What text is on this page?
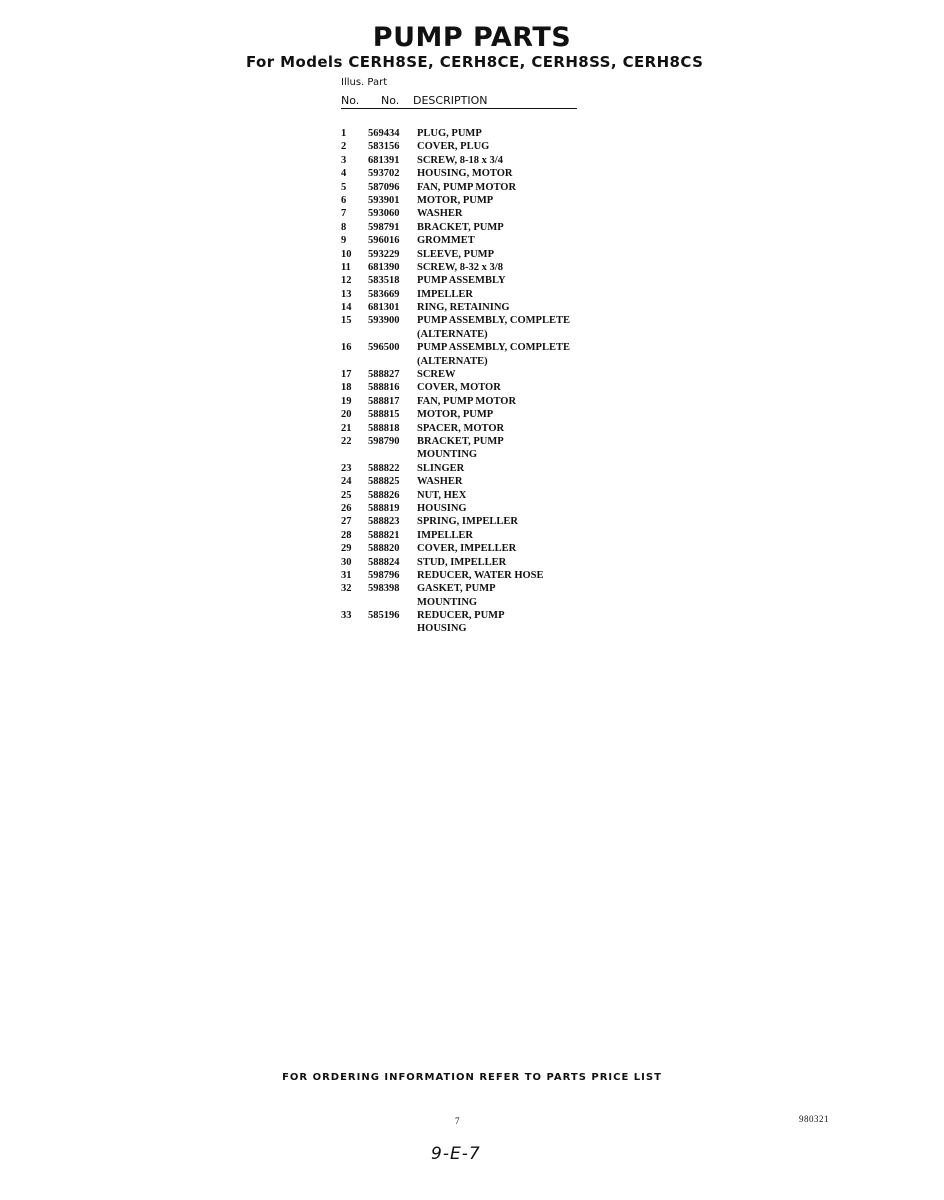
PUMP PARTS
For Models CERH8SE, CERH8CE, CERH8SS, CERH8CS
Illus. Part
No. No. DESCRIPTION
1	569434 PLUG, PUMP
2	583156 COVER, PLUG
3	681391 SCREW, 8-18 x 3/4
4	593702 HOUSING, MOTOR
5	587096 FAN, PUMP MOTOR
6	593901 MOTOR, PUMP
7	593060 WASHER
8	598791 BRACKET, PUMP
9	596016 GROMMET
10	593229 SLEEVE, PUMP
11	681390 SCREW, 8-32 x 3/8
12	583518 PUMP ASSEMBLY
13	583669 IMPELLER
14	681301 RING, RETAINING
15	593900 PUMP ASSEMBLY, COMPLETE
(ALTERNATE)
16	596500 PUMP ASSEMBLY, COMPLETE
(ALTERNATE)
17	588827 SCREW
18	588816 COVER, MOTOR
19	588817 FAN, PUMP MOTOR
20	588815 MOTOR, PUMP
21	588818 SPACER, MOTOR
22	598790 BRACKET, PUMP
MOUNTING
23	588822 SLINGER
24	588825 WASHER
25	588826 NUT, HEX
26	588819 HOUSING
27	588823 SPRING, IMPELLER
28	588821 IMPELLER
29	588820 COVER, IMPELLER
30	588824 STUD, IMPELLER
31	598796 REDUCER, WATER HOSE
32	598398 GASKET, PUMP
MOUNTING
33	585196 REDUCER, PUMP
HOUSING
FOR ORDERING INFORMATION REFER TO PARTS PRICE LIST
7	980321
9-E-7
